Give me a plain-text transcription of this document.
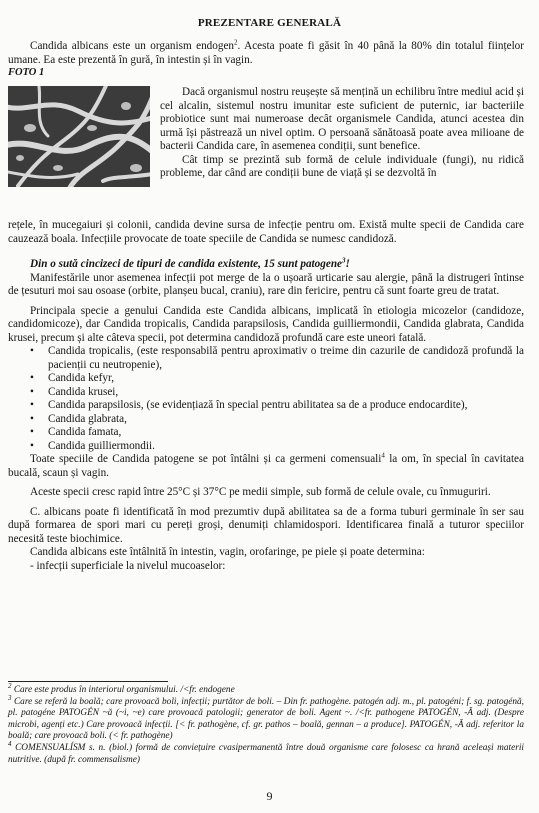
PREZENTARE GENERALĂ

Candida albicans este un organism endogen$^2$. Acesta poate fi găsit în 40 până la 80% din totalul ființelor umane. Ea este prezentă în gură, în intestin și în vagin.

FOTO 1

Dacă organismul nostru reușește să mențină un echilibru între mediul acid și cel alcalin, sistemul nostru imunitar este suficient de puternic, iar bacteriile probiotice sunt mai numeroase decât organismele Candida, atunci acestea din urmă își păstrează un nivel optim. O persoană sănătoasă poate avea milioane de bacterii Candida care, în asemenea condiții, sunt benefice.

Cât timp se prezintă sub formă de celule individuale (fungi), nu ridică probleme, dar când are condiții bune de viață și se dezvoltă în

rețele, în mucegaiuri și colonii, candida devine sursa de infecție pentru om. Există multe specii de Candida care cauzează boala. Infecțiile provocate de toate speciile de Candida se numesc candidoză.

Din o sută cincizeci de tipuri de candida existente, 15 sunt patogene$^3$!

Manifestările unor asemenea infecții pot merge de la o ușoară urticarie sau alergie, până la distrugeri întinse de țesuturi moi sau osoase (orbite, planșeu bucal, craniu), rare din fericire, pentru că sunt foarte greu de tratat.

Principala specie a genului Candida este Candida albicans, implicată în etiologia micozelor (candidoze, candidomicoze), dar Candida tropicalis, Candida parapsilosis, Candida guilliermondii, Candida glabrata, Candida krusei, precum și alte câteva specii, pot determina candidoză profundă care este uneori fatală.

• Candida tropicalis, (este responsabilă pentru aproximativ o treime din cazurile de candidoză profundă la pacienții cu neutropenie),
• Candida kefyr,
• Candida krusei,
• Candida parapsilosis, (se evidențiază în special pentru abilitatea sa de a produce endocardite),
• Candida glabrata,
• Candida famata,
• Candida guilliermondii.

Toate speciile de Candida patogene se pot întâlni și ca germeni comensuali$^4$ la om, în special în cavitatea bucală, scaun și vagin.

Aceste specii cresc rapid între 25°C și 37°C pe medii simple, sub formă de celule ovale, cu înmuguriri.

C. albicans poate fi identificată în mod prezumtiv după abilitatea sa de a forma tuburi germinale în ser sau după formarea de spori mari cu pereți groși, denumiți chlamidospori. Identificarea finală a tuturor speciilor necesită teste biochimice.

Candida albicans este întâlnită în intestin, vagin, orofaringe, pe piele și poate determina:

- infecții superficiale la nivelul mucoaselor:

$^2$ Care este produs în interiorul organismului. /<fr. endogene

$^3$ Care se referă la boală; care provoacă boli, infecții; purtător de boli. – Din fr. pathogène. patogén adj. m., pl. patogéni; f. sg. patogénă, pl. patogéne PATOGÉN ~ă (~i, ~e) care provoacă patologii; generator de boli. Agent ~. /<fr. pathogene PATOGÉN, -Ă adj. (Despre microbi, agenți etc.) Care provoacă infecții. [< fr. pathogène, cf. gr. pathos – boală, gennan – a produce]. PATOGÉN, -Ă adj. referitor la boală; care provoacă boli. (< fr. pathogène)

$^4$ COMENSUALÍSM s. n. (biol.) formă de conviețuire cvasipermanentă între două organisme care folosesc ca hrană aceleași materii nutritive. (după fr. commensalisme)

9
